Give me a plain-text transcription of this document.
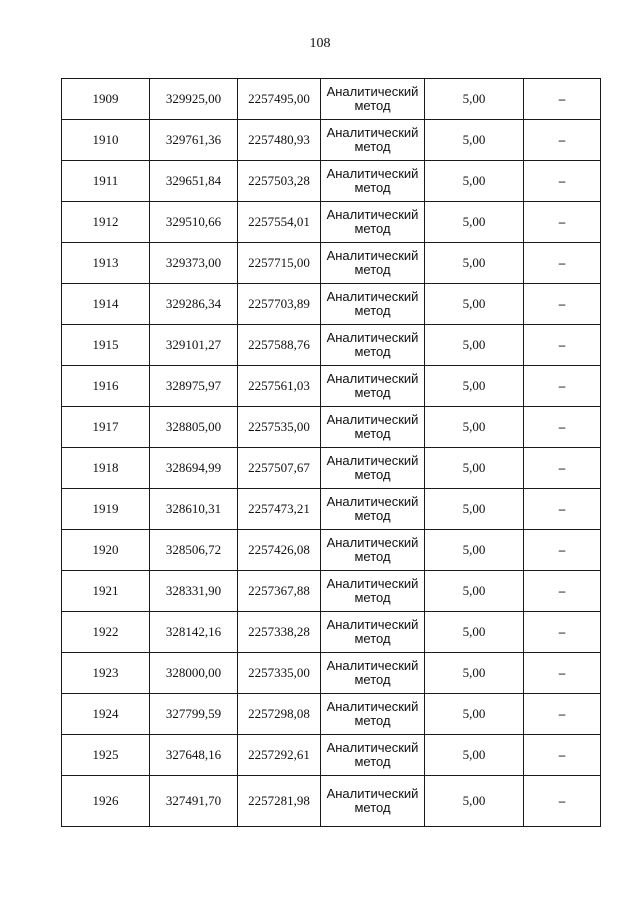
108
1909	329925,00	2257495,00	Аналитический
метод	5,00	–
1910	329761,36	2257480,93	Аналитический
метод	5,00	–
1911	329651,84	2257503,28	Аналитический
метод	5,00	–
1912	329510,66	2257554,01	Аналитический
метод	5,00	–
1913	329373,00	2257715,00	Аналитический
метод	5,00	–
1914	329286,34	2257703,89	Аналитический
метод	5,00	–
1915	329101,27	2257588,76	Аналитический
метод	5,00	–
1916	328975,97	2257561,03	Аналитический
метод	5,00	–
1917	328805,00	2257535,00	Аналитический
метод	5,00	–
1918	328694,99	2257507,67	Аналитический
метод	5,00	–
1919	328610,31	2257473,21	Аналитический
метод	5,00	–
1920	328506,72	2257426,08	Аналитический
метод	5,00	–
1921	328331,90	2257367,88	Аналитический
метод	5,00	–
1922	328142,16	2257338,28	Аналитический
метод	5,00	–
1923	328000,00	2257335,00	Аналитический
метод	5,00	–
1924	327799,59	2257298,08	Аналитический
метод	5,00	–
1925	327648,16	2257292,61	Аналитический
метод	5,00	–
1926	327491,70	2257281,98	Аналитический
метод	5,00	–
